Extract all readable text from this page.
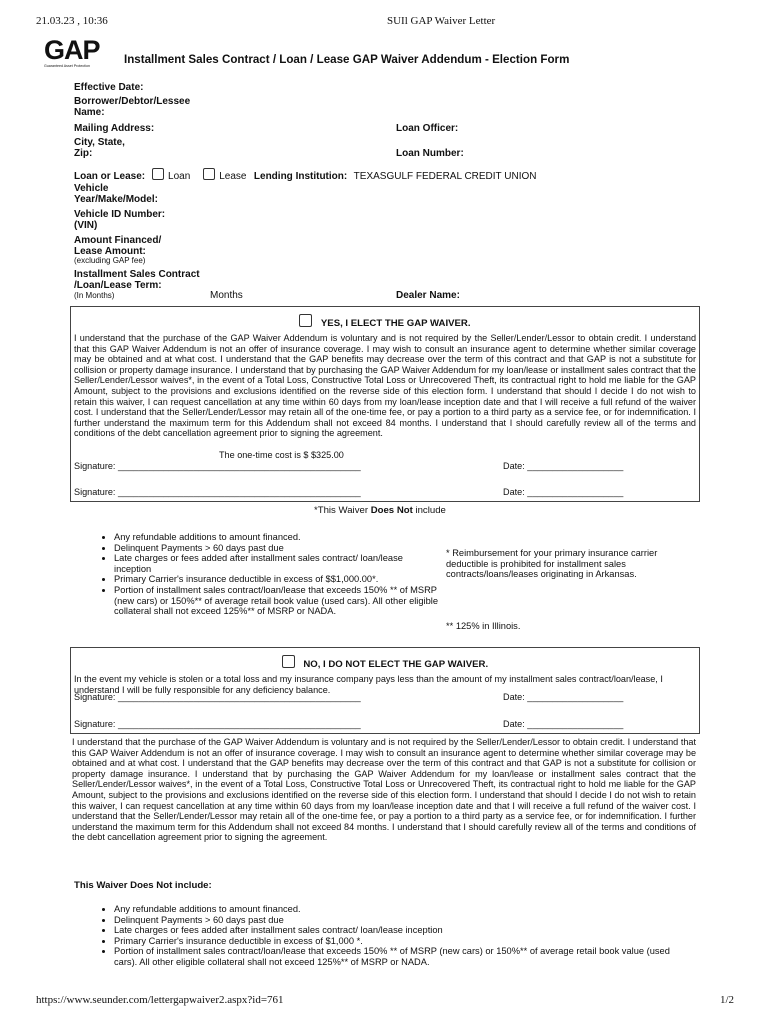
21.03.23 , 10:36	SUIl GAP Waiver Letter
GAP
Guaranteed Asset Protection	Installment Sales Contract / Loan / Lease GAP Waiver Addendum - Election Form
Effective Date:
Borrower/Debtor/Lessee
Name:
Mailing Address:	Loan Officer:
City, State,
Zip:	Loan Number:
Loan or Lease: Loan	Lease Lending Institution: TEXASGULF FEDERAL CREDIT UNION
Vehicle
Year/Make/Model:
Vehicle ID Number:
(VIN)
Amount Financed/
Lease Amount:
(excluding GAP fee)
Installment Sales Contract
/Loan/Lease Term:
(In Months)	Months	Dealer Name:
YES, I ELECT THE GAP WAIVER.
I understand that the purchase of the GAP Waiver Addendum is voluntary and is not required by the Seller/Lender/Lessor to obtain credit. I understand that this GAP Waiver Addendum is not an offer of insurance coverage. I may wish to consult an insurance agent to determine whether similar coverage may be obtained and at what cost. I understand that the GAP benefits may decrease over the term of this contract and that GAP is not a substitute for collision or property damage insurance. I understand that by purchasing the GAP Waiver Addendum for my loan/lease or installment sales contract that the Seller/Lender/Lessor waives*, in the event of a Total Loss, Constructive Total Loss or Unrecovered Theft, its contractual right to hold me liable for the GAP Amount, subject to the provisions and exclusions identified on the reverse side of this election form. I understand that should I decide I do not wish to retain this waiver, I can request cancellation at any time within 60 days from my loan/lease inception date and that I will receive a full refund of the waiver cost. I understand that the Seller/Lender/Lessor may retain all of the one-time fee, or pay a portion to a third party as a service fee, or for indemnification. I further understand the maximum term for this Addendum shall not exceed 84 months. I understand that I should carefully review all of the terms and conditions of the debt cancellation agreement prior to signing the agreement.
The one-time cost is $ $325.00
Signature: ________________________________________________	Date: ___________________
Signature: ________________________________________________	Date: ___________________
*This Waiver Does Not include
• Any refundable additions to amount financed.
• Delinquent Payments > 60 days past due
• Late charges or fees added after installment sales contract/ loan/lease inception
• Primary Carrier's insurance deductible in excess of $$1,000.00*.
• Portion of installment sales contract/loan/lease that exceeds 150% ** of MSRP (new cars) or 150%** of average retail book value (used cars). All other eligible collateral shall not exceed 125%** of MSRP or NADA.
* Reimbursement for your primary insurance carrier deductible is prohibited for installment sales contracts/loans/leases originating in Arkansas.
** 125% in Illinois.
NO, I DO NOT ELECT THE GAP WAIVER.
In the event my vehicle is stolen or a total loss and my insurance company pays less than the amount of my installment sales contract/loan/lease, I understand I will be fully responsible for any deficiency balance.
Signature: ________________________________________________	Date: ___________________
Signature: ________________________________________________	Date: ___________________
I understand that the purchase of the GAP Waiver Addendum is voluntary and is not required by the Seller/Lender/Lessor to obtain credit. I understand that this GAP Waiver Addendum is not an offer of insurance coverage. I may wish to consult an insurance agent to determine whether similar coverage may be obtained and at what cost. I understand that the GAP benefits may decrease over the term of this contract and that GAP is not a substitute for collision or property damage insurance. I understand that by purchasing the GAP Waiver Addendum for my loan/lease or installment sales contract that the Seller/Lender/Lessor waives*, in the event of a Total Loss, Constructive Total Loss or Unrecovered Theft, its contractual right to hold me liable for the GAP Amount, subject to the provisions and exclusions identified on the reverse side of this election form. I understand that should I decide I do not wish to retain this waiver, I can request cancellation at any time within 60 days from my loan/lease inception date and that I will receive a full refund of the waiver cost. I understand that the Seller/Lender/Lessor may retain all of the one-time fee, or pay a portion to a third party as a service fee, or for indemnification. I further understand the maximum term for this Addendum shall not exceed 84 months. I understand that I should carefully review all of the terms and conditions of the debt cancellation agreement prior to signing the agreement.
This Waiver Does Not include:
• Any refundable additions to amount financed.
• Delinquent Payments > 60 days past due
• Late charges or fees added after installment sales contract/ loan/lease inception
• Primary Carrier's insurance deductible in excess of $1,000 *.
• Portion of installment sales contract/loan/lease that exceeds 150% ** of MSRP (new cars) or 150%** of average retail book value (used cars). All other eligible collateral shall not exceed 125%** of MSRP or NADA.
https://www.seunder.com/lettergapwaiver2.aspx?id=761	1/2
